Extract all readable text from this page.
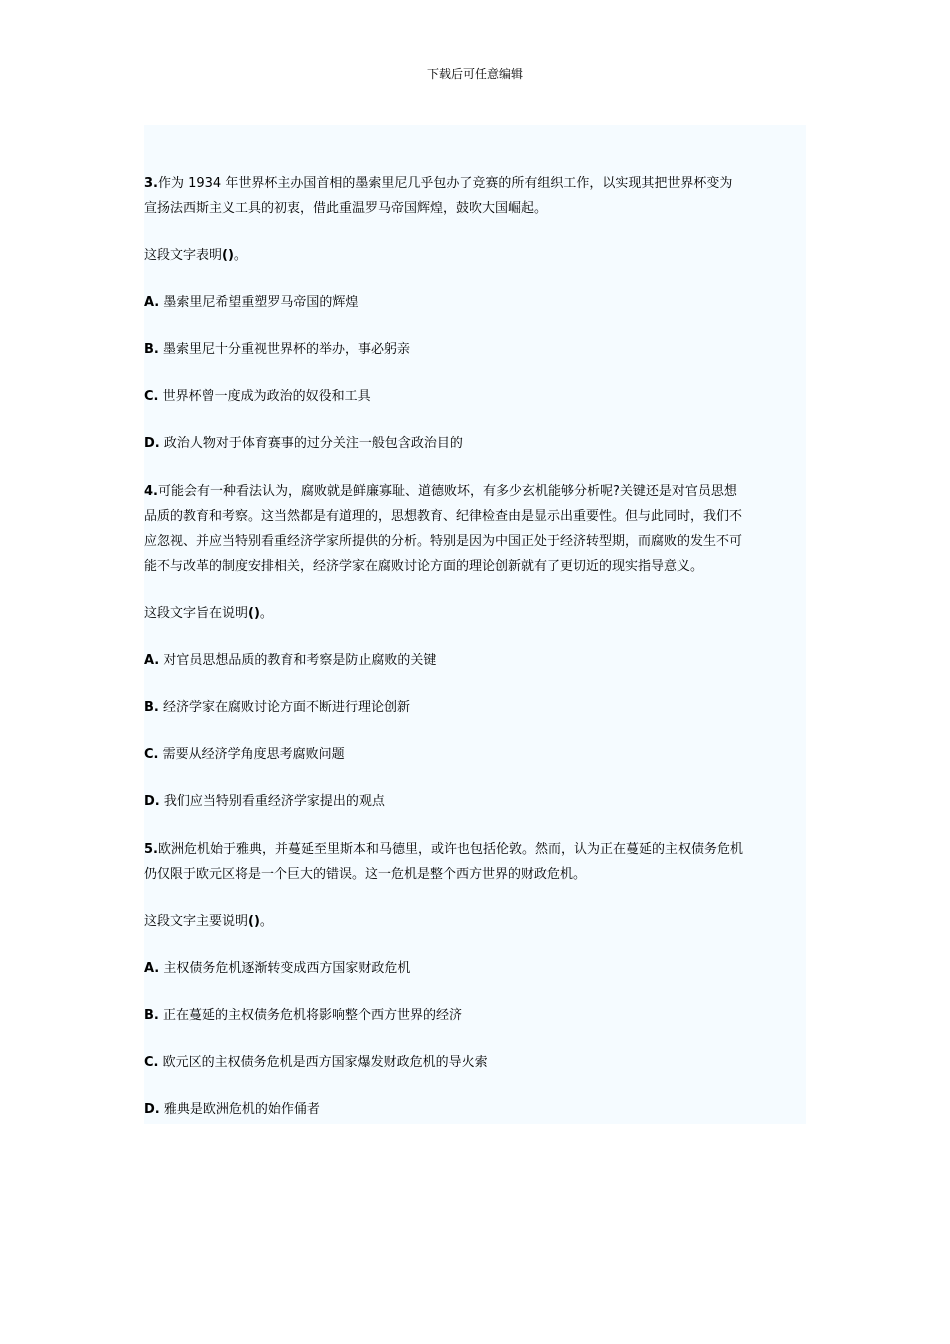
下载后可任意编辑
3.作为 1934 年世界杯主办国首相的墨索里尼几乎包办了竞赛的所有组织工作，以实现其把世界杯变为
宣扬法西斯主义工具的初衷，借此重温罗马帝国辉煌，鼓吹大国崛起。
这段文字表明()。
A. 墨索里尼希望重塑罗马帝国的辉煌
B. 墨索里尼十分重视世界杯的举办，事必躬亲
C. 世界杯曾一度成为政治的奴役和工具
D. 政治人物对于体育赛事的过分关注一般包含政治目的
4.可能会有一种看法认为，腐败就是鲜廉寡耻、道德败坏，有多少玄机能够分析呢?关键还是对官员思想
品质的教育和考察。这当然都是有道理的，思想教育、纪律检查由是显示出重要性。但与此同时，我们不
应忽视、并应当特别看重经济学家所提供的分析。特别是因为中国正处于经济转型期，而腐败的发生不可
能不与改革的制度安排相关，经济学家在腐败讨论方面的理论创新就有了更切近的现实指导意义。
这段文字旨在说明()。
A. 对官员思想品质的教育和考察是防止腐败的关键
B. 经济学家在腐败讨论方面不断进行理论创新
C. 需要从经济学角度思考腐败问题
D. 我们应当特别看重经济学家提出的观点
5.欧洲危机始于雅典，并蔓延至里斯本和马德里，或许也包括伦敦。然而，认为正在蔓延的主权债务危机
仍仅限于欧元区将是一个巨大的错误。这一危机是整个西方世界的财政危机。
这段文字主要说明()。
A. 主权债务危机逐渐转变成西方国家财政危机
B. 正在蔓延的主权债务危机将影响整个西方世界的经济
C. 欧元区的主权债务危机是西方国家爆发财政危机的导火索
D. 雅典是欧洲危机的始作俑者
